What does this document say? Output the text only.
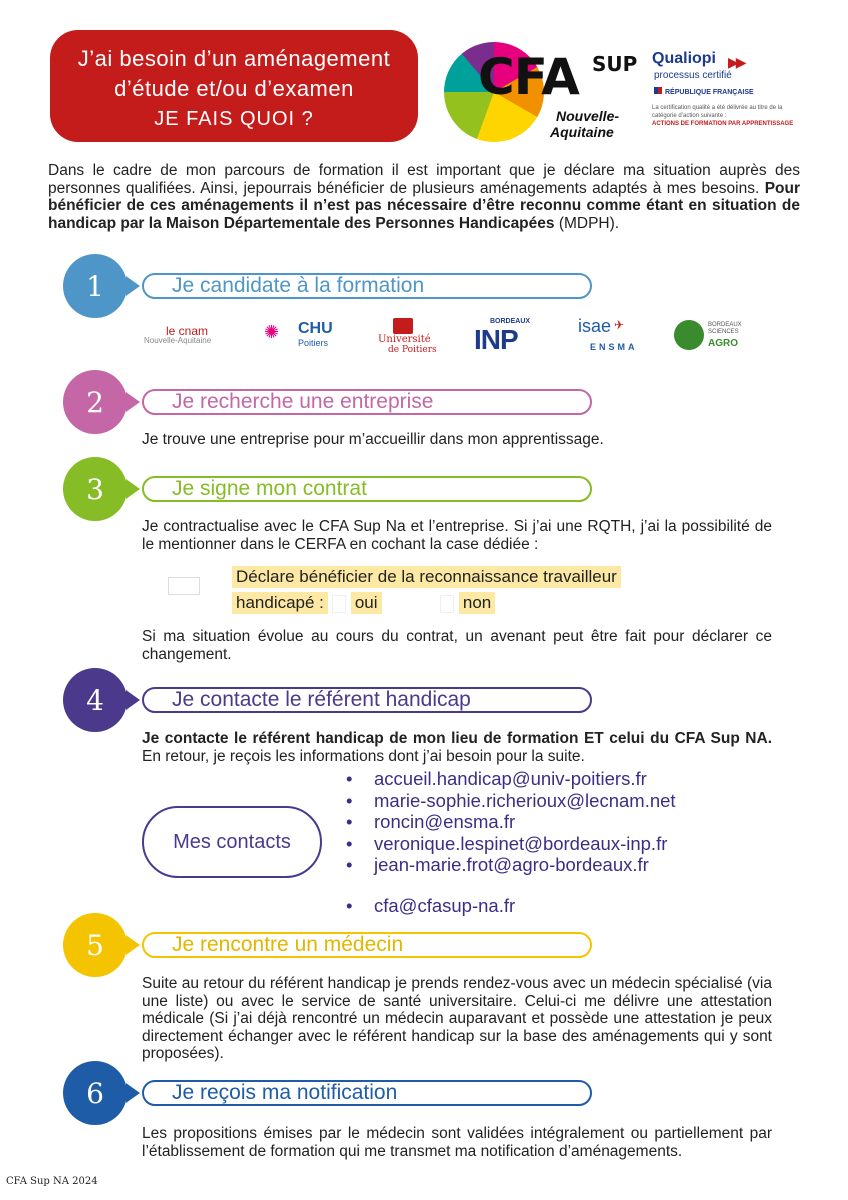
J’ai besoin d’un aménagement
d’étude et/ou d’examen
JE FAIS QUOI ?
CFA SUP
Nouvelle-
Aquitaine
Qualiopi ▶▶
processus certifié
RÉPUBLIQUE FRANÇAISE
La certification qualité a été délivrée au titre de la catégorie d’action suivante :
ACTIONS DE FORMATION PAR APPRENTISSAGE
Dans le cadre de mon parcours de formation il est important que je déclare ma situation auprès des personnes qualifiées. Ainsi, jepourrais bénéficier de plusieurs aménagements adaptés à mes besoins. Pour bénéficier de ces aménagements il n’est pas nécessaire d’être reconnu comme étant en situation de handicap par la Maison Départementale des Personnes Handicapées (MDPH).
1	Je candidate à la formation
le cnam
Nouvelle-Aquitaine	✺ CHU
Poitiers	Université
de Poitiers
BORDEAUX
INP	isae ✈
ENSMA
BORDEAUX
SCIENCES
AGRO
2	Je recherche une entreprise
Je trouve une entreprise pour m’accueillir dans mon apprentissage.
3	Je signe mon contrat
Je contractualise avec le CFA Sup Na et l’entreprise. Si j’ai une RQTH, j’ai la possibilité de le mentionner dans le CERFA en cochant la case dédiée :
Déclare bénéficier de la reconnaissance travailleur
handicapé : oui	non
Si ma situation évolue au cours du contrat, un avenant peut être fait pour déclarer ce changement.
4	Je contacte le référent handicap
Je contacte le référent handicap de mon lieu de formation ET celui du CFA Sup NA. En retour, je reçois les informations dont j’ai besoin pour la suite.
Mes contacts
•	accueil.handicap@univ-poitiers.fr
•	marie-sophie.richerioux@lecnam.net
•	roncin@ensma.fr
•	veronique.lespinet@bordeaux-inp.fr
•	jean-marie.frot@agro-bordeaux.fr
•	cfa@cfasup-na.fr
5	Je rencontre un médecin
Suite au retour du référent handicap je prends rendez-vous avec un médecin spécialisé (via une liste) ou avec le service de santé universitaire. Celui-ci me délivre une attestation médicale (Si j’ai déjà rencontré un médecin auparavant et possède une attestation je peux directement échanger avec le référent handicap sur la base des aménagements qui y sont proposées).
6	Je reçois ma notification
Les propositions émises par le médecin sont validées intégralement ou partiellement par l’établissement de formation qui me transmet ma notification d’aménagements.
CFA Sup NA 2024
